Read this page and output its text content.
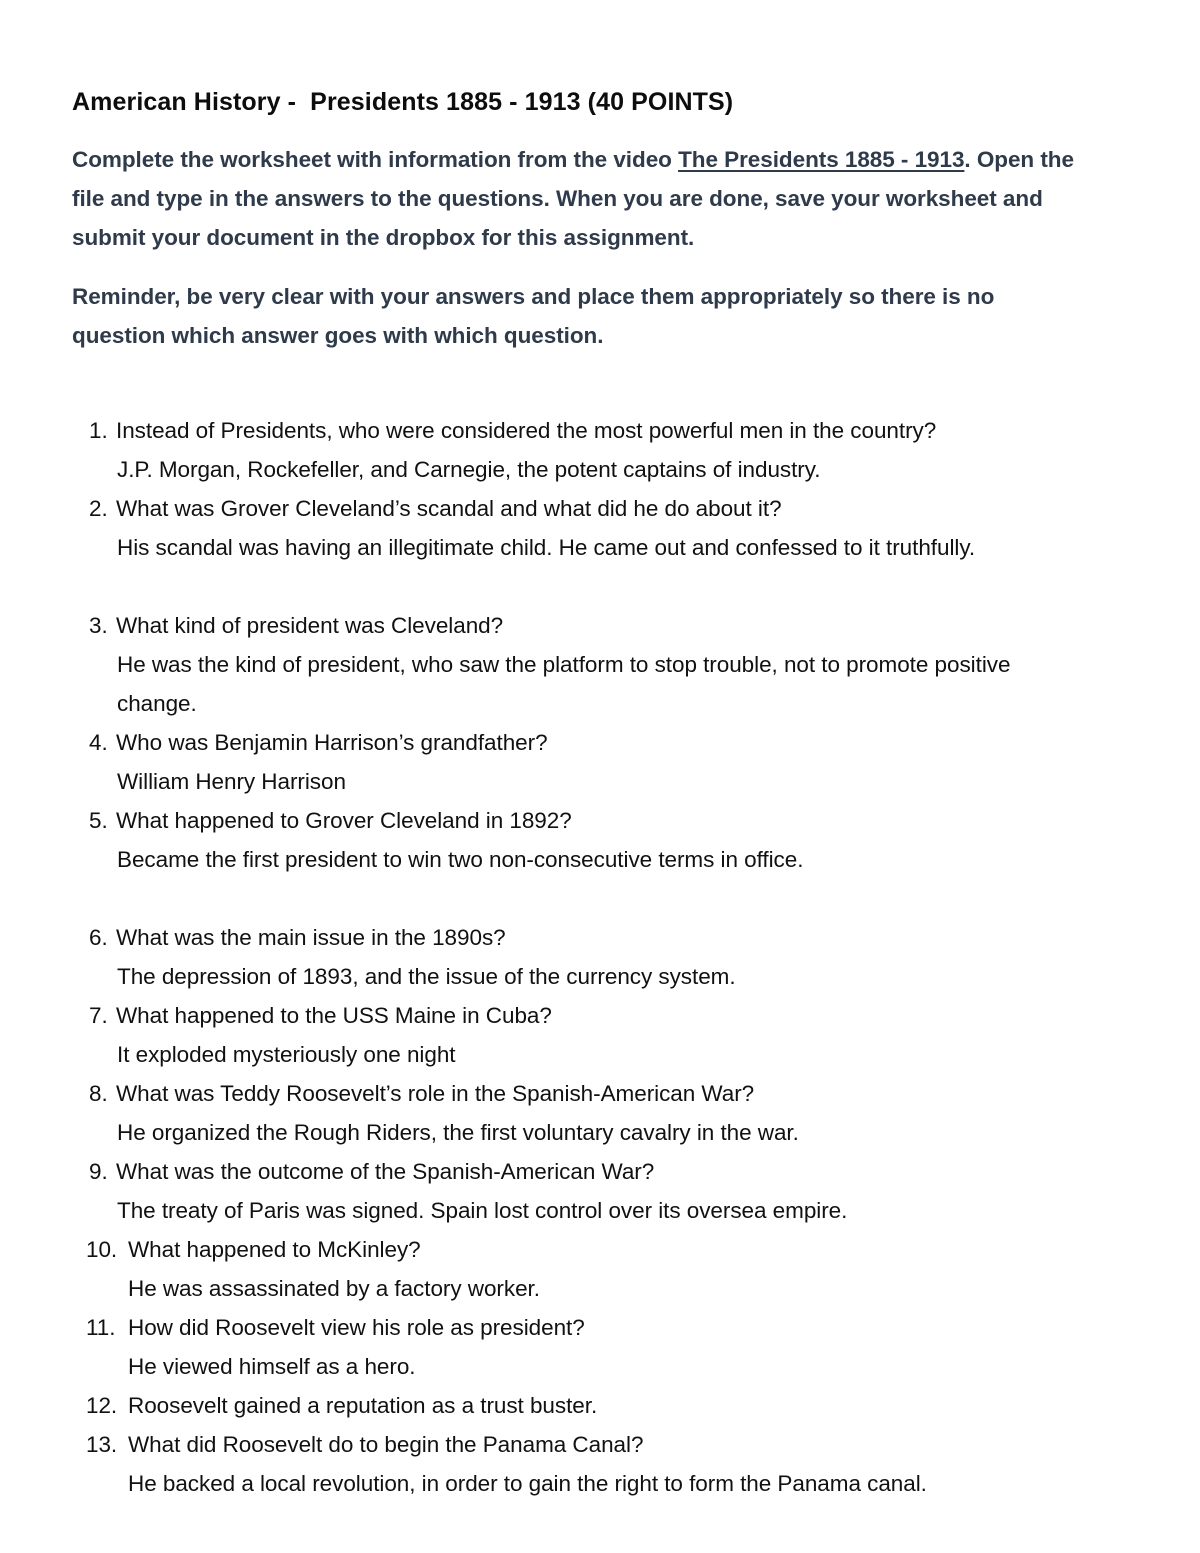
American History -  Presidents 1885 - 1913 (40 POINTS)

Complete the worksheet with information from the video The Presidents 1885 - 1913. Open the file and type in the answers to the questions. When you are done, save your worksheet and submit your document in the dropbox for this assignment.

Reminder, be very clear with your answers and place them appropriately so there is no question which answer goes with which question.

1. Instead of Presidents, who were considered the most powerful men in the country?

J.P. Morgan, Rockefeller, and Carnegie, the potent captains of industry.

2. What was Grover Cleveland’s scandal and what did he do about it?

His scandal was having an illegitimate child. He came out and confessed to it truthfully.

3. What kind of president was Cleveland?

He was the kind of president, who saw the platform to stop trouble, not to promote positive change.

4. Who was Benjamin Harrison’s grandfather?

William Henry Harrison

5. What happened to Grover Cleveland in 1892?

Became the first president to win two non-consecutive terms in office.

6. What was the main issue in the 1890s?

The depression of 1893, and the issue of the currency system.

7. What happened to the USS Maine in Cuba?

It exploded mysteriously one night

8. What was Teddy Roosevelt’s role in the Spanish-American War?

He organized the Rough Riders, the first voluntary cavalry in the war.

9. What was the outcome of the Spanish-American War?

The treaty of Paris was signed. Spain lost control over its oversea empire.

10. What happened to McKinley?

He was assassinated by a factory worker.

11. How did Roosevelt view his role as president?

He viewed himself as a hero.

12. Roosevelt gained a reputation as a trust buster.

13. What did Roosevelt do to begin the Panama Canal?

He backed a local revolution, in order to gain the right to form the Panama canal.
